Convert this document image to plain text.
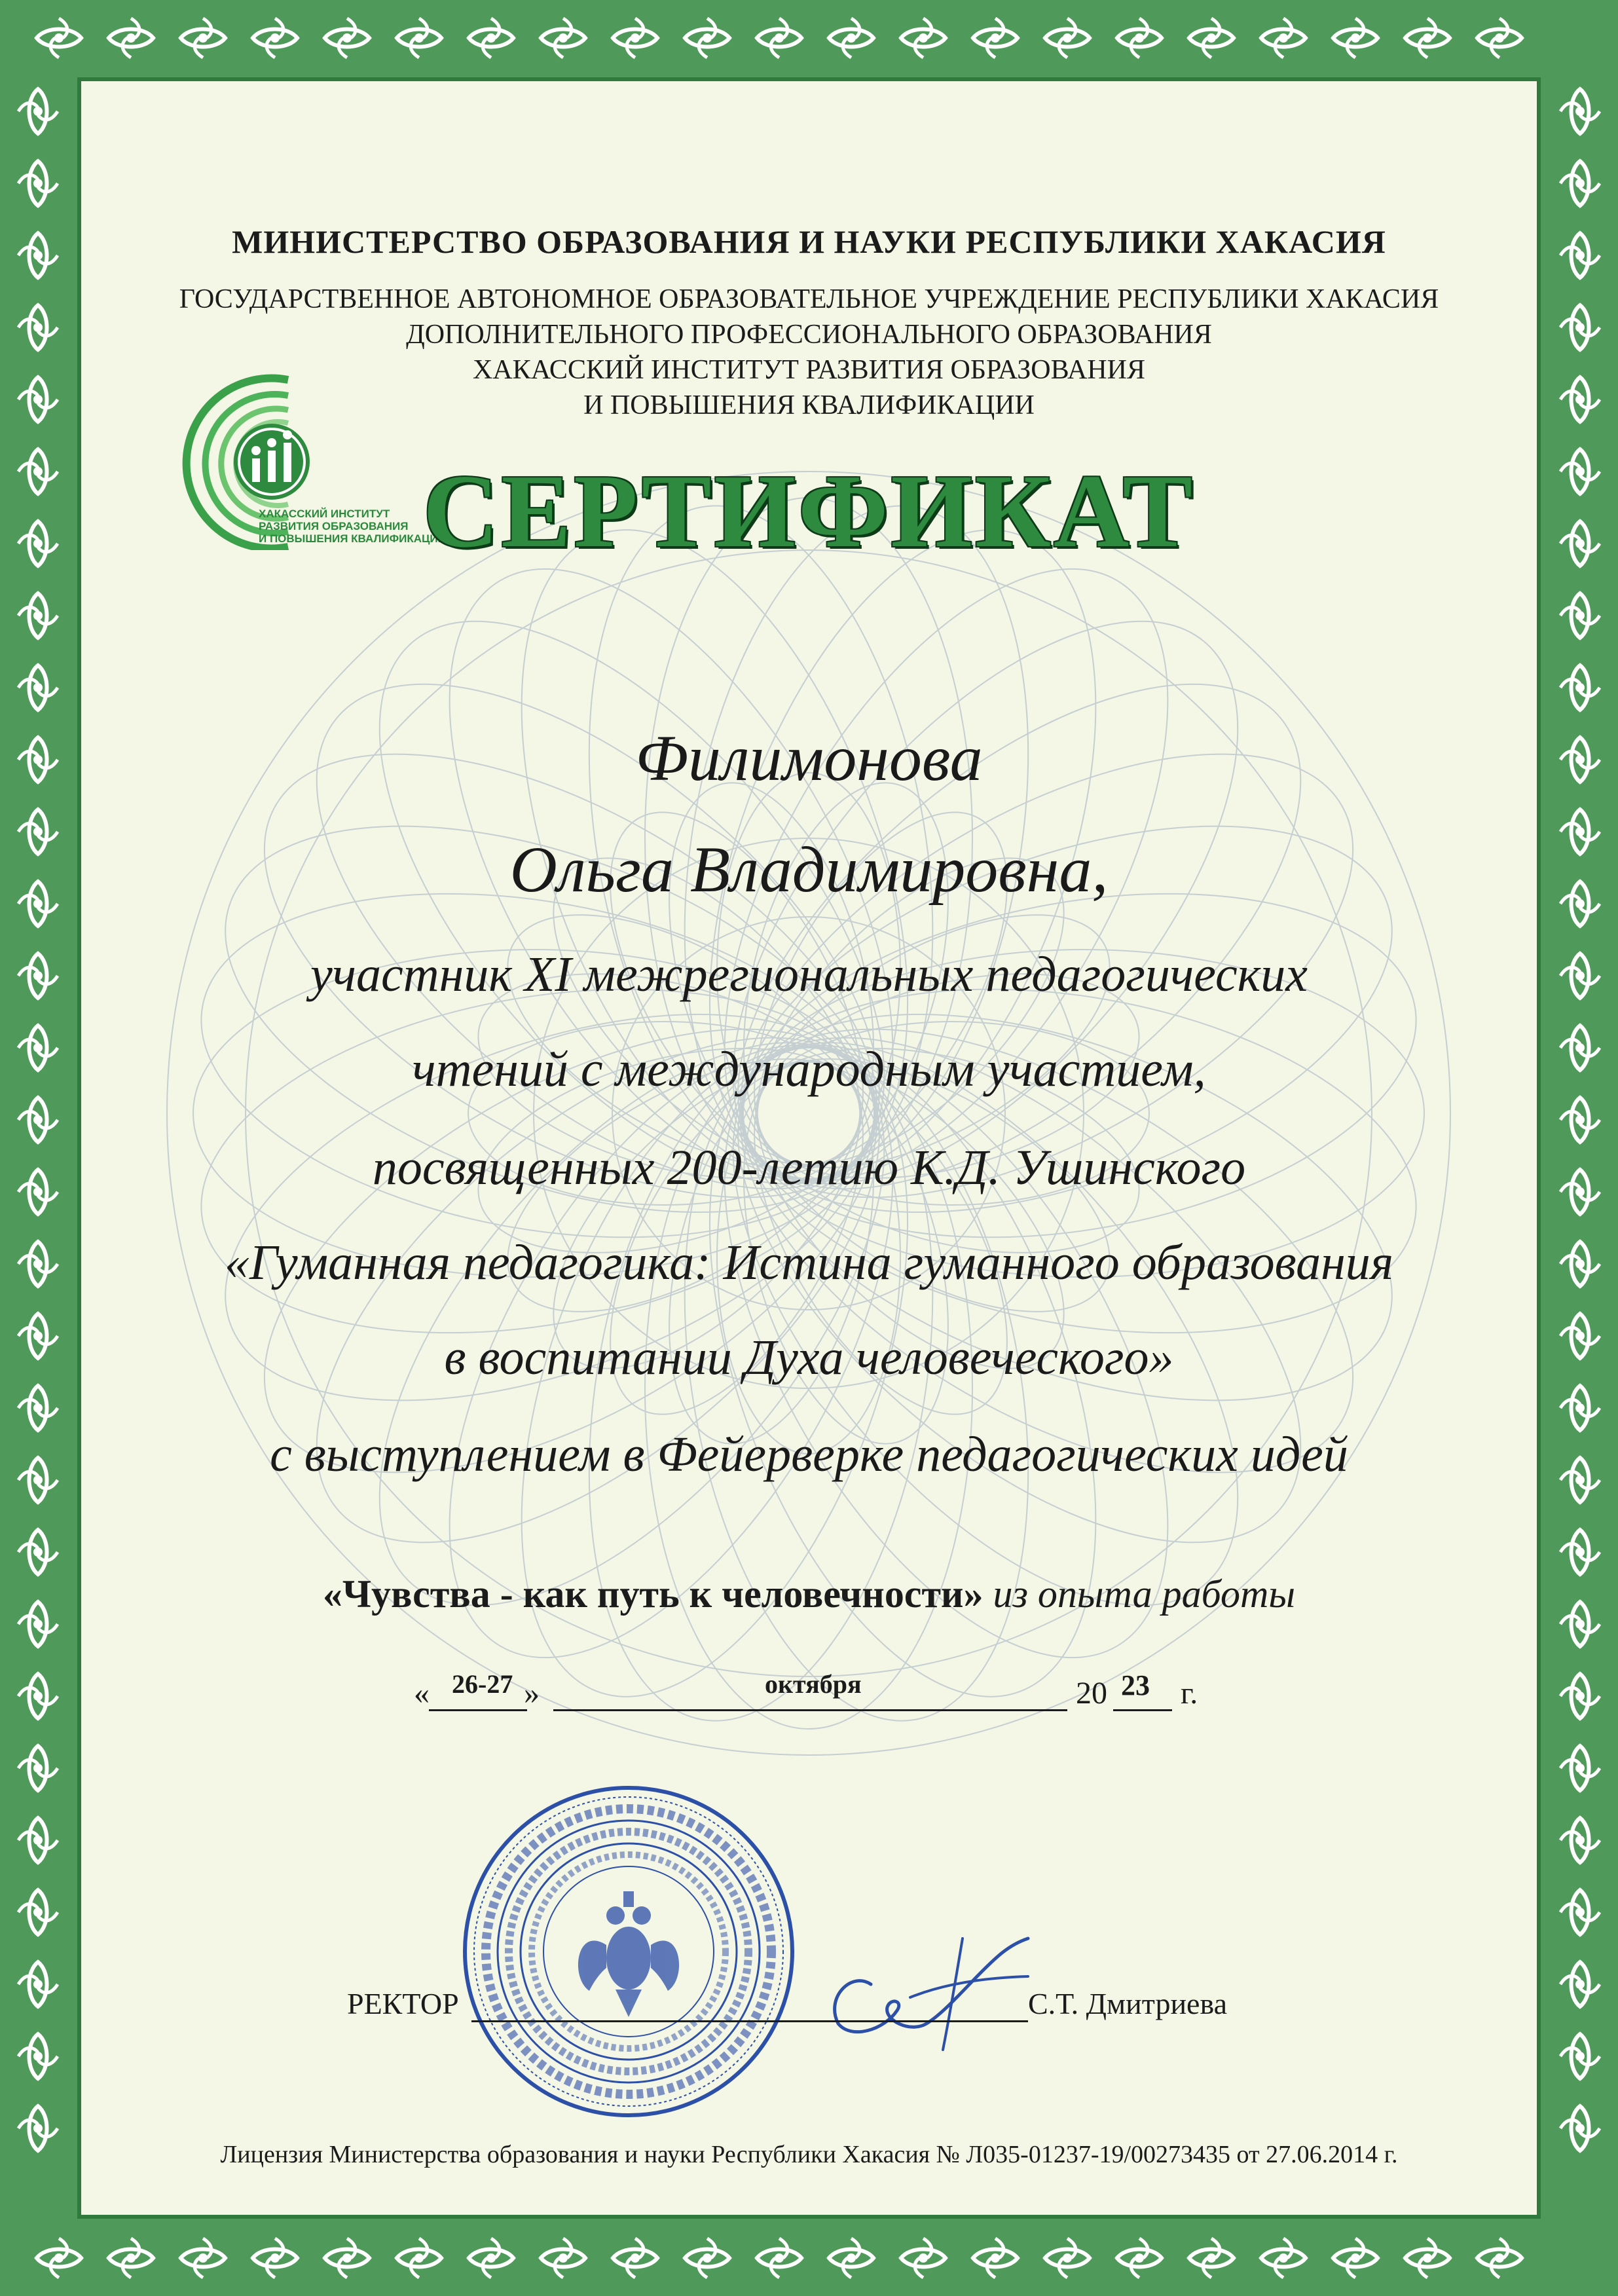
ХАКАССКИЙ ИНСТИТУТ
РАЗВИТИЯ ОБРАЗОВАНИЯ
И ПОВЫШЕНИЯ КВАЛИФИКАЦИИ
МИНИСТЕРСТВО ОБРАЗОВАНИЯ И НАУКИ РЕСПУБЛИКИ ХАКАСИЯ
ГОСУДАРСТВЕННОЕ АВТОНОМНОЕ ОБРАЗОВАТЕЛЬНОЕ УЧРЕЖДЕНИЕ РЕСПУБЛИКИ ХАКАСИЯ
ДОПОЛНИТЕЛЬНОГО ПРОФЕССИОНАЛЬНОГО ОБРАЗОВАНИЯ
ХАКАССКИЙ ИНСТИТУТ РАЗВИТИЯ ОБРАЗОВАНИЯ
И ПОВЫШЕНИЯ КВАЛИФИКАЦИИ
СЕРТИФИКАТ
Филимонова
Ольга Владимировна,
участник XI межрегиональных педагогических
чтений с международным участием,
посвященных 200-летию К.Д. Ушинского
«Гуманная педагогика: Истина гуманного образования
в воспитании Духа человеческого»
с выступлением в Фейерверке педагогических идей
«Чувства - как путь к человечности» из опыта работы
« 26-27 »	октября	20 23 г.
РЕКТОР	С.Т. Дмитриева
Лицензия Министерства образования и науки Республики Хакасия № Л035-01237-19/00273435 от 27.06.2014 г.
